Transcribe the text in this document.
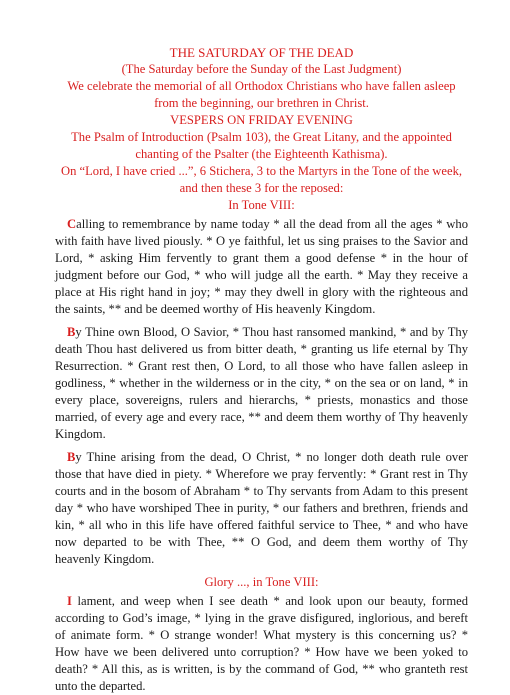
THE SATURDAY OF THE DEAD

(The Saturday before the Sunday of the Last Judgment)

We celebrate the memorial of all Orthodox Christians who have fallen asleep from the beginning, our brethren in Christ.

VESPERS ON FRIDAY EVENING

The Psalm of Introduction (Psalm 103), the Great Litany, and the appointed chanting of the Psalter (the Eighteenth Kathisma).

On “Lord, I have cried ...”, 6 Stichera, 3 to the Martyrs in the Tone of the week, and then these 3 for the reposed:

In Tone VIII:

Calling to remembrance by name today * all the dead from all the ages * who with faith have lived piously. * O ye faithful, let us sing praises to the Savior and Lord, * asking Him fervently to grant them a good defense * in the hour of judgment before our God, * who will judge all the earth. * May they receive a place at His right hand in joy; * may they dwell in glory with the righteous and the saints, ** and be deemed worthy of His heavenly Kingdom.

By Thine own Blood, O Savior, * Thou hast ransomed mankind, * and by Thy death Thou hast delivered us from bitter death, * granting us life eternal by Thy Resurrection. * Grant rest then, O Lord, to all those who have fallen asleep in godliness, * whether in the wilderness or in the city, * on the sea or on land, * in every place, sovereigns, rulers and hierarchs, * priests, monastics and those married, of every age and every race, ** and deem them worthy of Thy heavenly Kingdom.

By Thine arising from the dead, O Christ, * no longer doth death rule over those that have died in piety. * Wherefore we pray fervently: * Grant rest in Thy courts and in the bosom of Abraham * to Thy servants from Adam to this present day * who have worshiped Thee in purity, * our fathers and brethren, friends and kin, * all who in this life have offered faithful service to Thee, * and who have now departed to be with Thee, ** O God, and deem them worthy of Thy heavenly Kingdom.

Glory ..., in Tone VIII:

I lament, and weep when I see death * and look upon our beauty, formed according to God’s image, * lying in the grave disfigured, inglorious, and bereft of animate form. * O strange wonder! What mystery is this concerning us? * How have we been delivered unto corruption? * How have we been yoked to death? * All this, as is written, is by the command of God, ** who granteth rest unto the departed.
